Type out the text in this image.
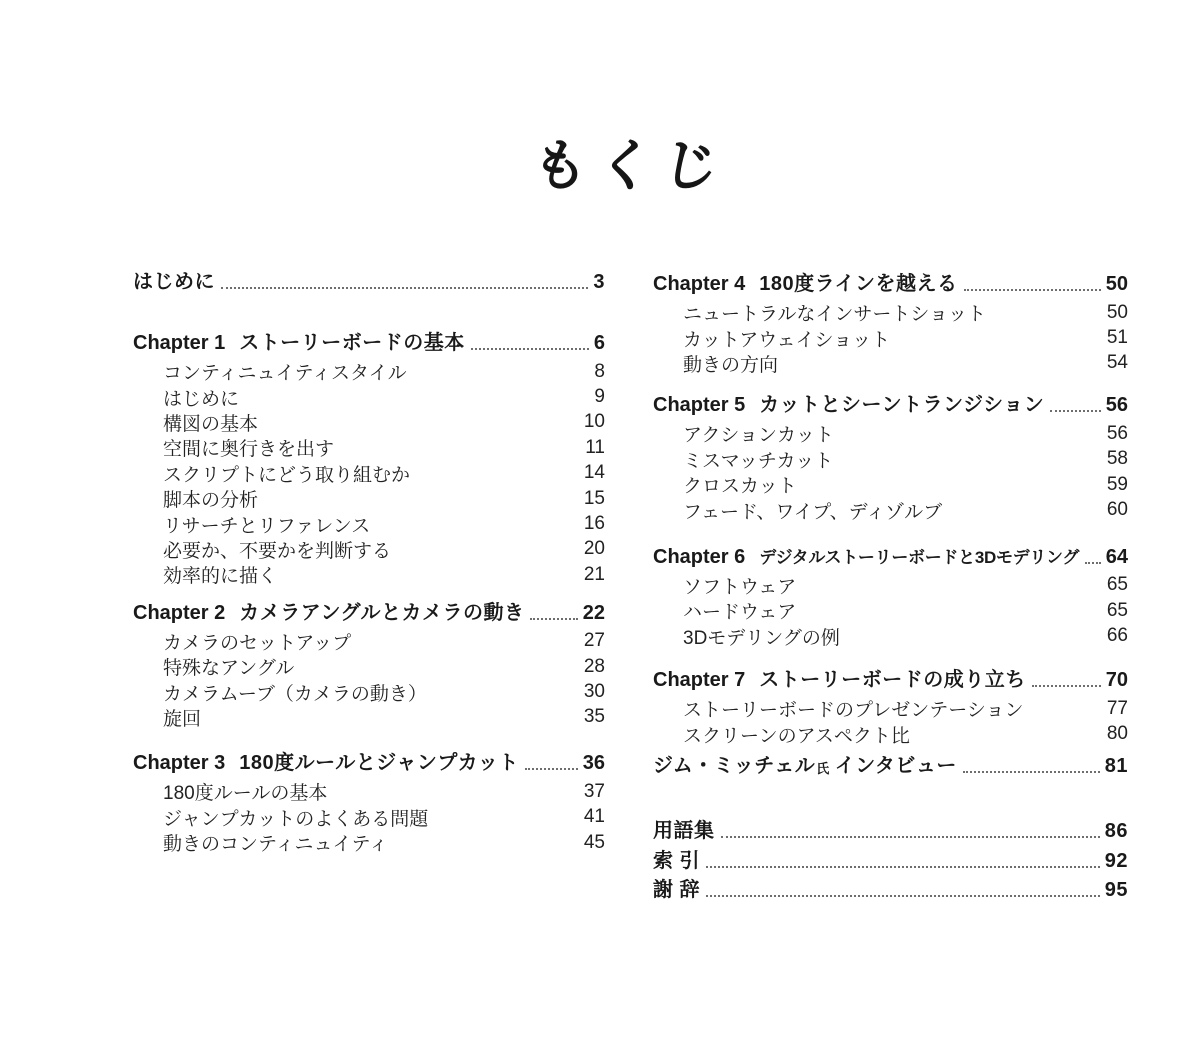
もくじ
はじめに	3
Chapter 1 ストーリーボードの基本	6
コンティニュイティスタイル	8
はじめに	9
構図の基本	10
空間に奥行きを出す	11
スクリプトにどう取り組むか	14
脚本の分析	15
リサーチとリファレンス	16
必要か、不要かを判断する	20
効率的に描く	21
Chapter 2 カメラアングルとカメラの動き	22
カメラのセットアップ	27
特殊なアングル	28
カメラムーブ（カメラの動き）	30
旋回	35
Chapter 3 180度ルールとジャンプカット	36
180度ルールの基本	37
ジャンプカットのよくある問題	41
動きのコンティニュイティ	45
Chapter 4 180度ラインを越える	50
ニュートラルなインサートショット	50
カットアウェイショット	51
動きの方向	54
Chapter 5 カットとシーントランジション	56
アクションカット	56
ミスマッチカット	58
クロスカット	59
フェード、ワイプ、ディゾルブ	60
Chapter 6 デジタルストーリーボードと3Dモデリング 64
ソフトウェア	65
ハードウェア	65
3Dモデリングの例	66
Chapter 7 ストーリーボードの成り立ち	70
ストーリーボードのプレゼンテーション	77
スクリーンのアスペクト比	80
ジム・ミッチェル 氏 インタビュー	81
用語集	86
索 引	92
謝 辞	95
